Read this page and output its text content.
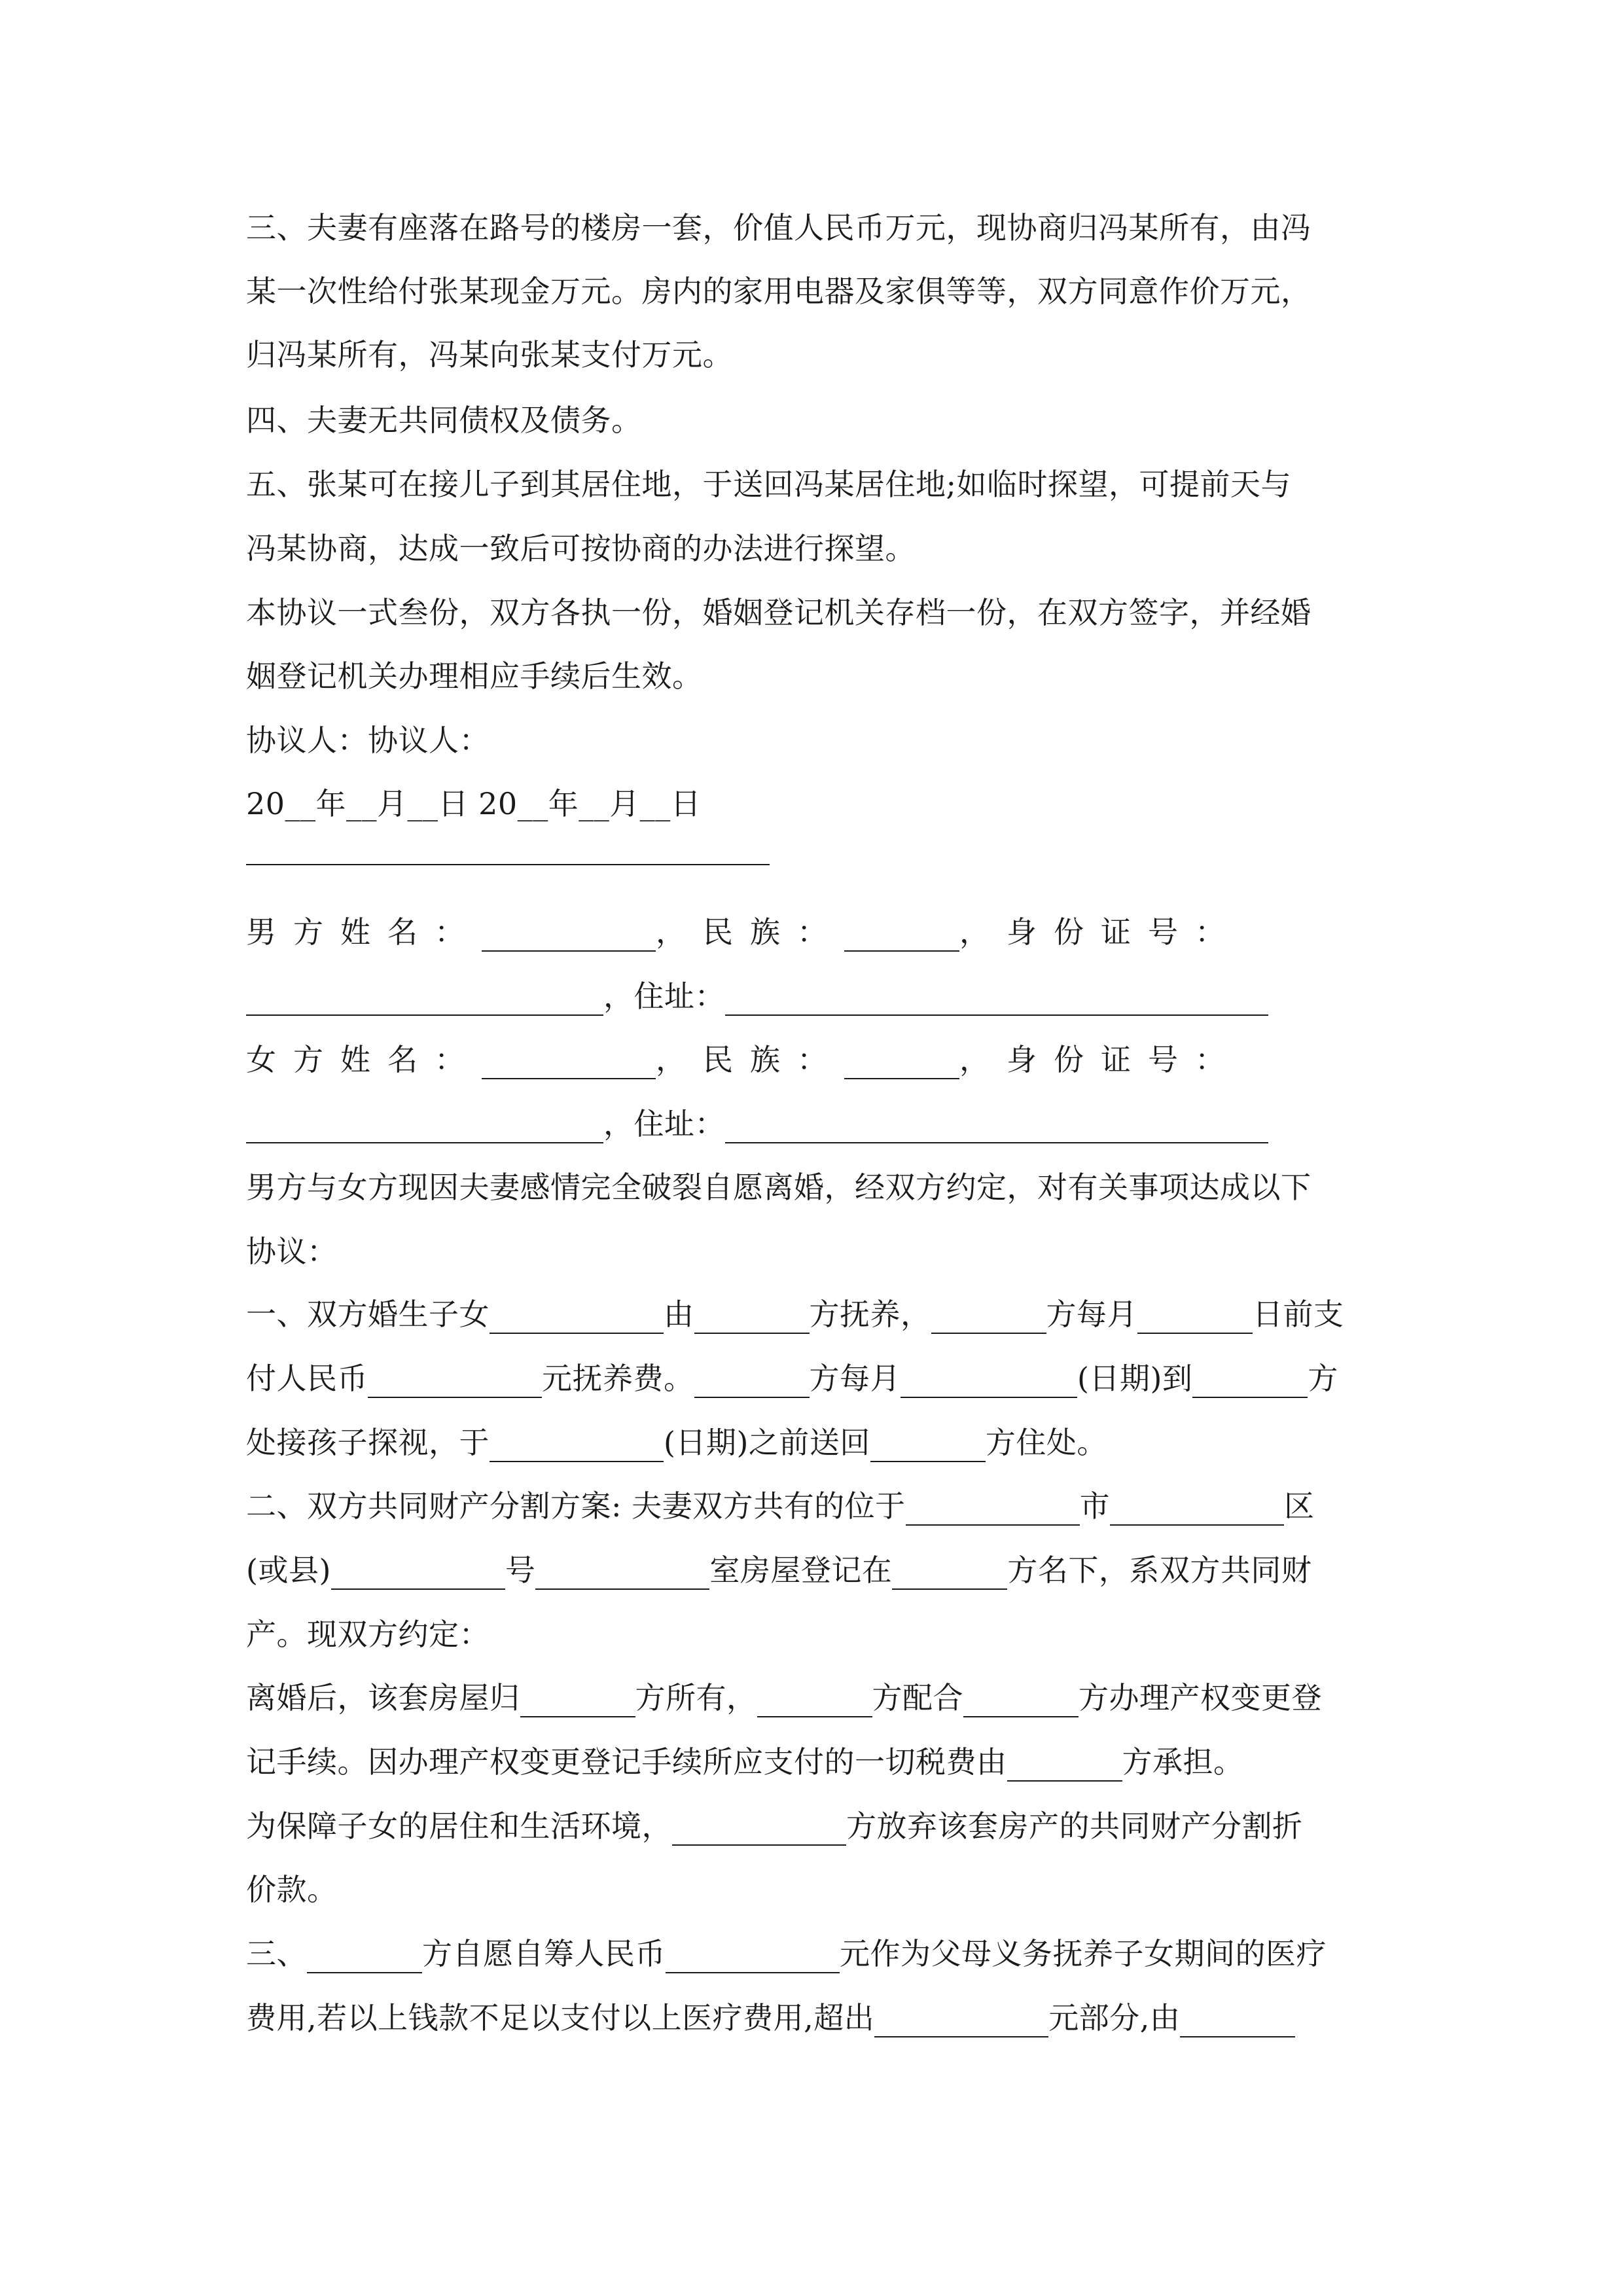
三、夫妻有座落在路号的楼房一套，价值人民币万元，现协商归冯某所有，由冯
某一次性给付张某现金万元。房内的家用电器及家俱等等，双方同意作价万元，
归冯某所有，冯某向张某支付万元。
四、夫妻无共同债权及债务。
五、张某可在接儿子到其居住地，于送回冯某居住地;如临时探望，可提前天与
冯某协商，达成一致后可按协商的办法进行探望。
本协议一式叁份，双方各执一份，婚姻登记机关存档一份，在双方签字，并经婚
姻登记机关办理相应手续后生效。
协议人：协议人：
20__年__月__日 20__年__月__日
男方姓名：	，民族：	，身份证号：
，住址：
女方姓名：	，民族：	，身份证号：
，住址：
男方与女方现因夫妻感情完全破裂自愿离婚，经双方约定，对有关事项达成以下
协议：
一、双方婚生子女	由	方抚养，	方每月	日前支
付人民币	元抚养费。	方每月	(日期)到	方
处接孩子探视，于	(日期)之前送回	方住处。
二、双方共同财产分割方案: 夫妻双方共有的位于	市	区
(或县)	号	室房屋登记在	方名下，系双方共同财
产。现双方约定：
离婚后，该套房屋归	方所有，	方配合	方办理产权变更登
记手续。因办理产权变更登记手续所应支付的一切税费由	方承担。
为保障子女的居住和生活环境，	方放弃该套房产的共同财产分割折
价款。
三、	方自愿自筹人民币	元作为父母义务抚养子女期间的医疗
费用,若以上钱款不足以支付以上医疗费用,超出	元部分,由
